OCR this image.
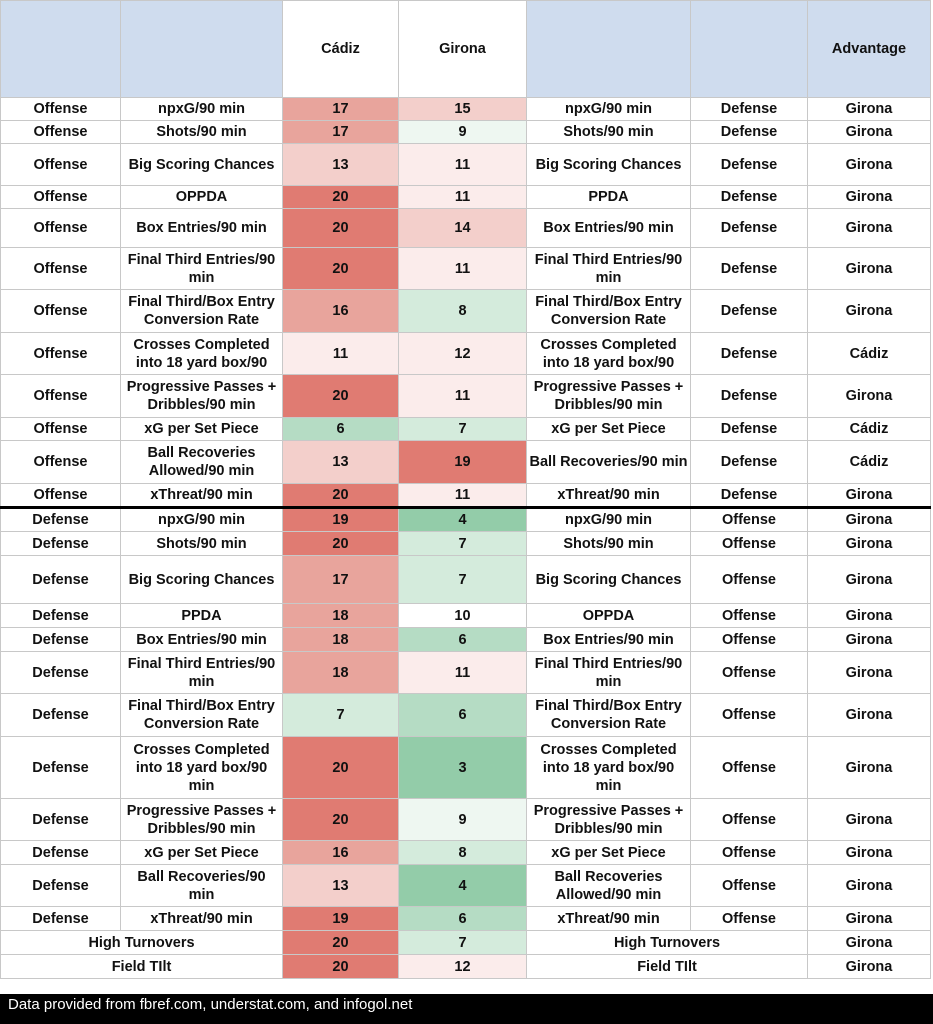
		Cádiz	Girona			Advantage
Offense	npxG/90 min	17	15	npxG/90 min	Defense	Girona
Offense	Shots/90 min	17	9	Shots/90 min	Defense	Girona
Offense	Big Scoring Chances	13	11	Big Scoring Chances	Defense	Girona
Offense	OPPDA	20	11	PPDA	Defense	Girona
Offense	Box Entries/90 min	20	14	Box Entries/90 min	Defense	Girona
Offense	Final Third Entries/90 min	20	11	Final Third Entries/90 min	Defense	Girona
Offense	Final Third/Box Entry Conversion Rate	16	8	Final Third/Box Entry Conversion Rate	Defense	Girona
Offense	Crosses Completed into 18 yard box/90	11	12	Crosses Completed into 18 yard box/90	Defense	Cádiz
Offense	Progressive Passes + Dribbles/90 min	20	11	Progressive Passes + Dribbles/90 min	Defense	Girona
Offense	xG per Set Piece	6	7	xG per Set Piece	Defense	Cádiz
Offense	Ball Recoveries Allowed/90 min	13	19	Ball Recoveries/90 min	Defense	Cádiz
Offense	xThreat/90 min	20	11	xThreat/90 min	Defense	Girona
Defense	npxG/90 min	19	4	npxG/90 min	Offense	Girona
Defense	Shots/90 min	20	7	Shots/90 min	Offense	Girona
Defense	Big Scoring Chances	17	7	Big Scoring Chances	Offense	Girona
Defense	PPDA	18	10	OPPDA	Offense	Girona
Defense	Box Entries/90 min	18	6	Box Entries/90 min	Offense	Girona
Defense	Final Third Entries/90 min	18	11	Final Third Entries/90 min	Offense	Girona
Defense	Final Third/Box Entry Conversion Rate	7	6	Final Third/Box Entry Conversion Rate	Offense	Girona
Defense	Crosses Completed into 18 yard box/90 min	20	3	Crosses Completed into 18 yard box/90 min	Offense	Girona
Defense	Progressive Passes + Dribbles/90 min	20	9	Progressive Passes + Dribbles/90 min	Offense	Girona
Defense	xG per Set Piece	16	8	xG per Set Piece	Offense	Girona
Defense	Ball Recoveries/90 min	13	4	Ball Recoveries Allowed/90 min	Offense	Girona
Defense	xThreat/90 min	19	6	xThreat/90 min	Offense	Girona
High Turnovers		20	7	High Turnovers		Girona
Field TIlt		20	12	Field TIlt		Girona
Data provided from fbref.com, understat.com, and infogol.net
